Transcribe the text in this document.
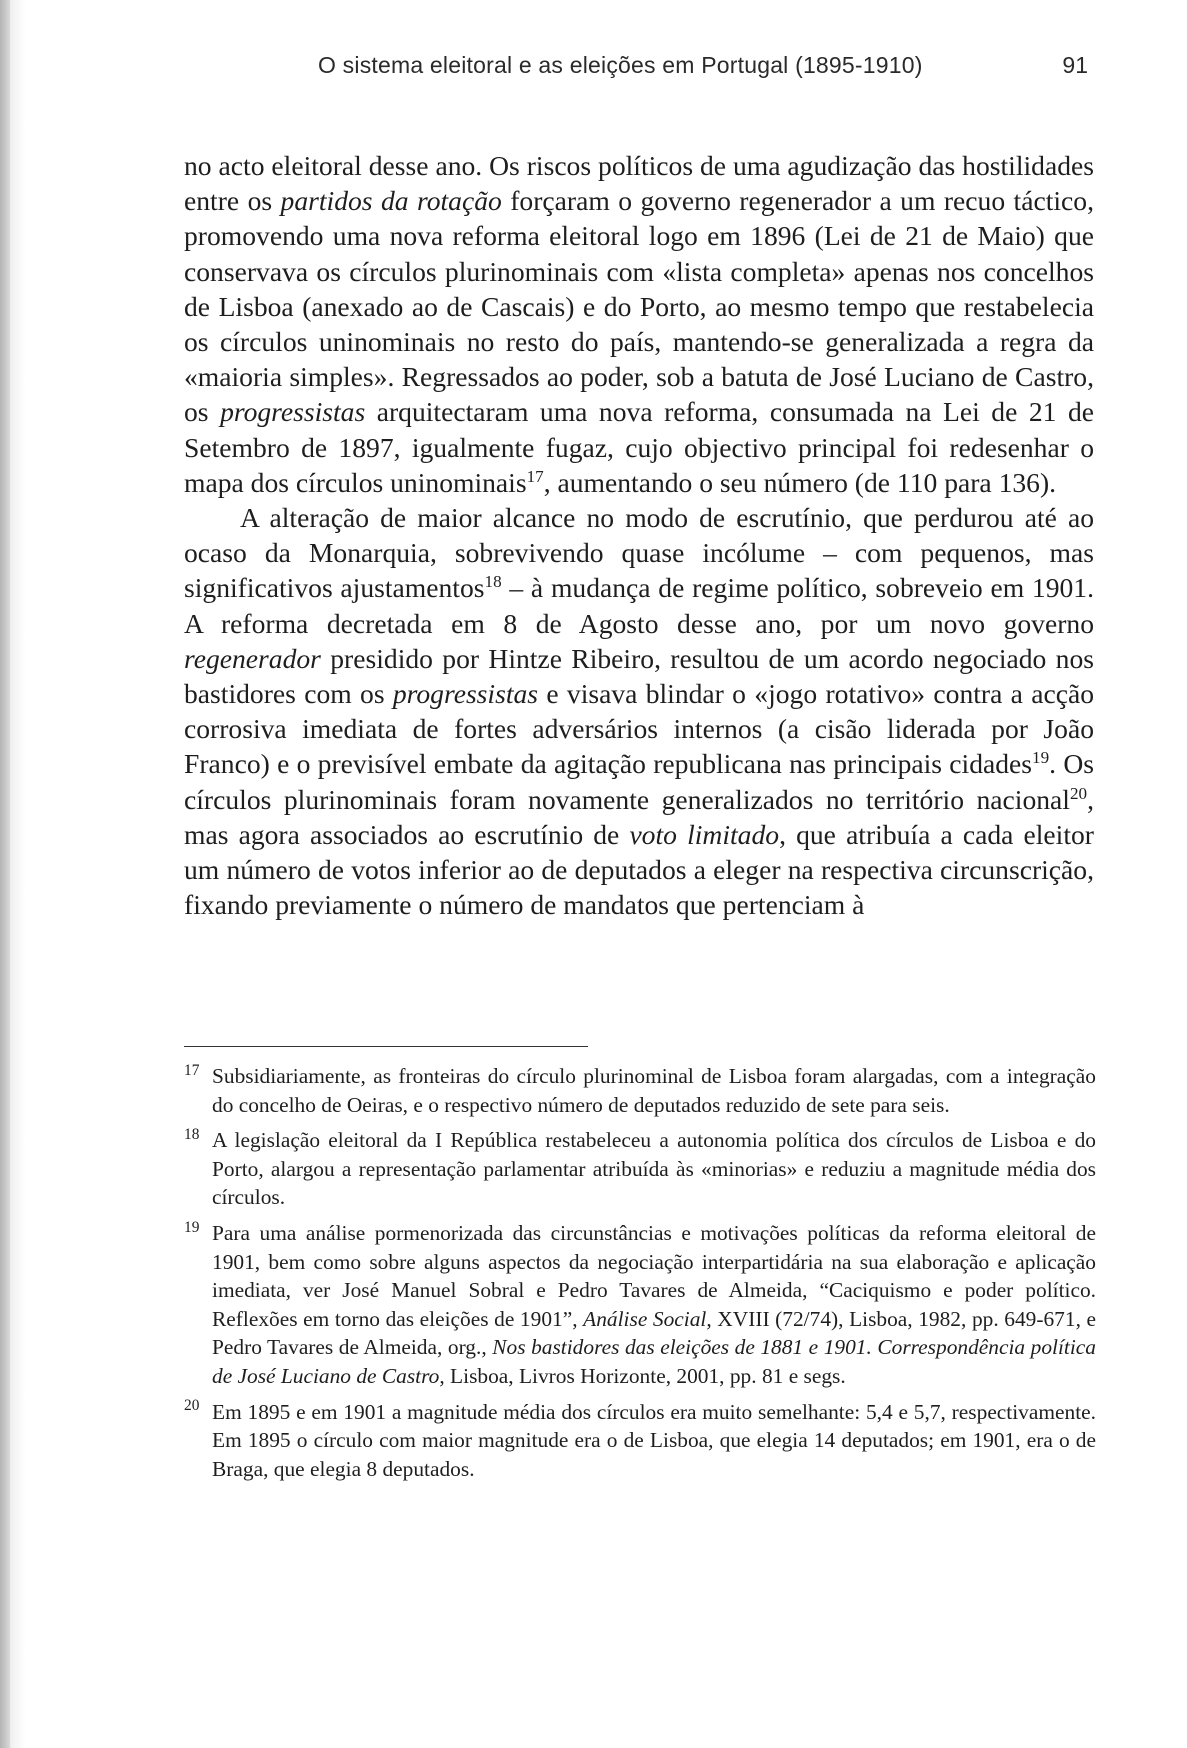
O sistema eleitoral e as eleições em Portugal (1895-1910)	91

no acto eleitoral desse ano. Os riscos políticos de uma agudização das hostilidades entre os partidos da rotação forçaram o governo regenerador a um recuo táctico, promovendo uma nova reforma eleitoral logo em 1896 (Lei de 21 de Maio) que conservava os círculos plurinominais com «lista completa» apenas nos concelhos de Lisboa (anexado ao de Cascais) e do Porto, ao mesmo tempo que restabelecia os círculos uninominais no resto do país, mantendo-se generalizada a regra da «maioria simples». Regressados ao poder, sob a batuta de José Luciano de Castro, os progressistas arquitectaram uma nova reforma, consumada na Lei de 21 de Setembro de 1897, igualmente fugaz, cujo objectivo principal foi redesenhar o mapa dos círculos uninominais$^{17}$, aumentando o seu número (de 110 para 136).

A alteração de maior alcance no modo de escrutínio, que perdurou até ao ocaso da Monarquia, sobrevivendo quase incólume – com pequenos, mas significativos ajustamentos$^{18}$ – à mudança de regime político, sobreveio em 1901. A reforma decretada em 8 de Agosto desse ano, por um novo governo regenerador presidido por Hintze Ribeiro, resultou de um acordo negociado nos bastidores com os progressistas e visava blindar o «jogo rotativo» contra a acção corrosiva imediata de fortes adversários internos (a cisão liderada por João Franco) e o previsível embate da agitação republicana nas principais cidades$^{19}$. Os círculos plurinominais foram novamente generalizados no território nacional$^{20}$, mas agora associados ao escrutínio de voto limitado, que atribuía a cada eleitor um número de votos inferior ao de deputados a eleger na respectiva circunscrição, fixando previamente o número de mandatos que pertenciam à

17 Subsidiariamente, as fronteiras do círculo plurinominal de Lisboa foram alargadas, com a integração do concelho de Oeiras, e o respectivo número de deputados reduzido de sete para seis.

18 A legislação eleitoral da I República restabeleceu a autonomia política dos círculos de Lisboa e do Porto, alargou a representação parlamentar atribuída às «minorias» e reduziu a magnitude média dos círculos.

19 Para uma análise pormenorizada das circunstâncias e motivações políticas da reforma eleitoral de 1901, bem como sobre alguns aspectos da negociação interpartidária na sua elaboração e aplicação imediata, ver José Manuel Sobral e Pedro Tavares de Almeida, “Caciquismo e poder político. Reflexões em torno das eleições de 1901”, Análise Social, XVIII (72/74), Lisboa, 1982, pp. 649-671, e Pedro Tavares de Almeida, org., Nos bastidores das eleições de 1881 e 1901. Correspondência política de José Luciano de Castro, Lisboa, Livros Horizonte, 2001, pp. 81 e segs.

20 Em 1895 e em 1901 a magnitude média dos círculos era muito semelhante: 5,4 e 5,7, respectivamente. Em 1895 o círculo com maior magnitude era o de Lisboa, que elegia 14 deputados; em 1901, era o de Braga, que elegia 8 deputados.
